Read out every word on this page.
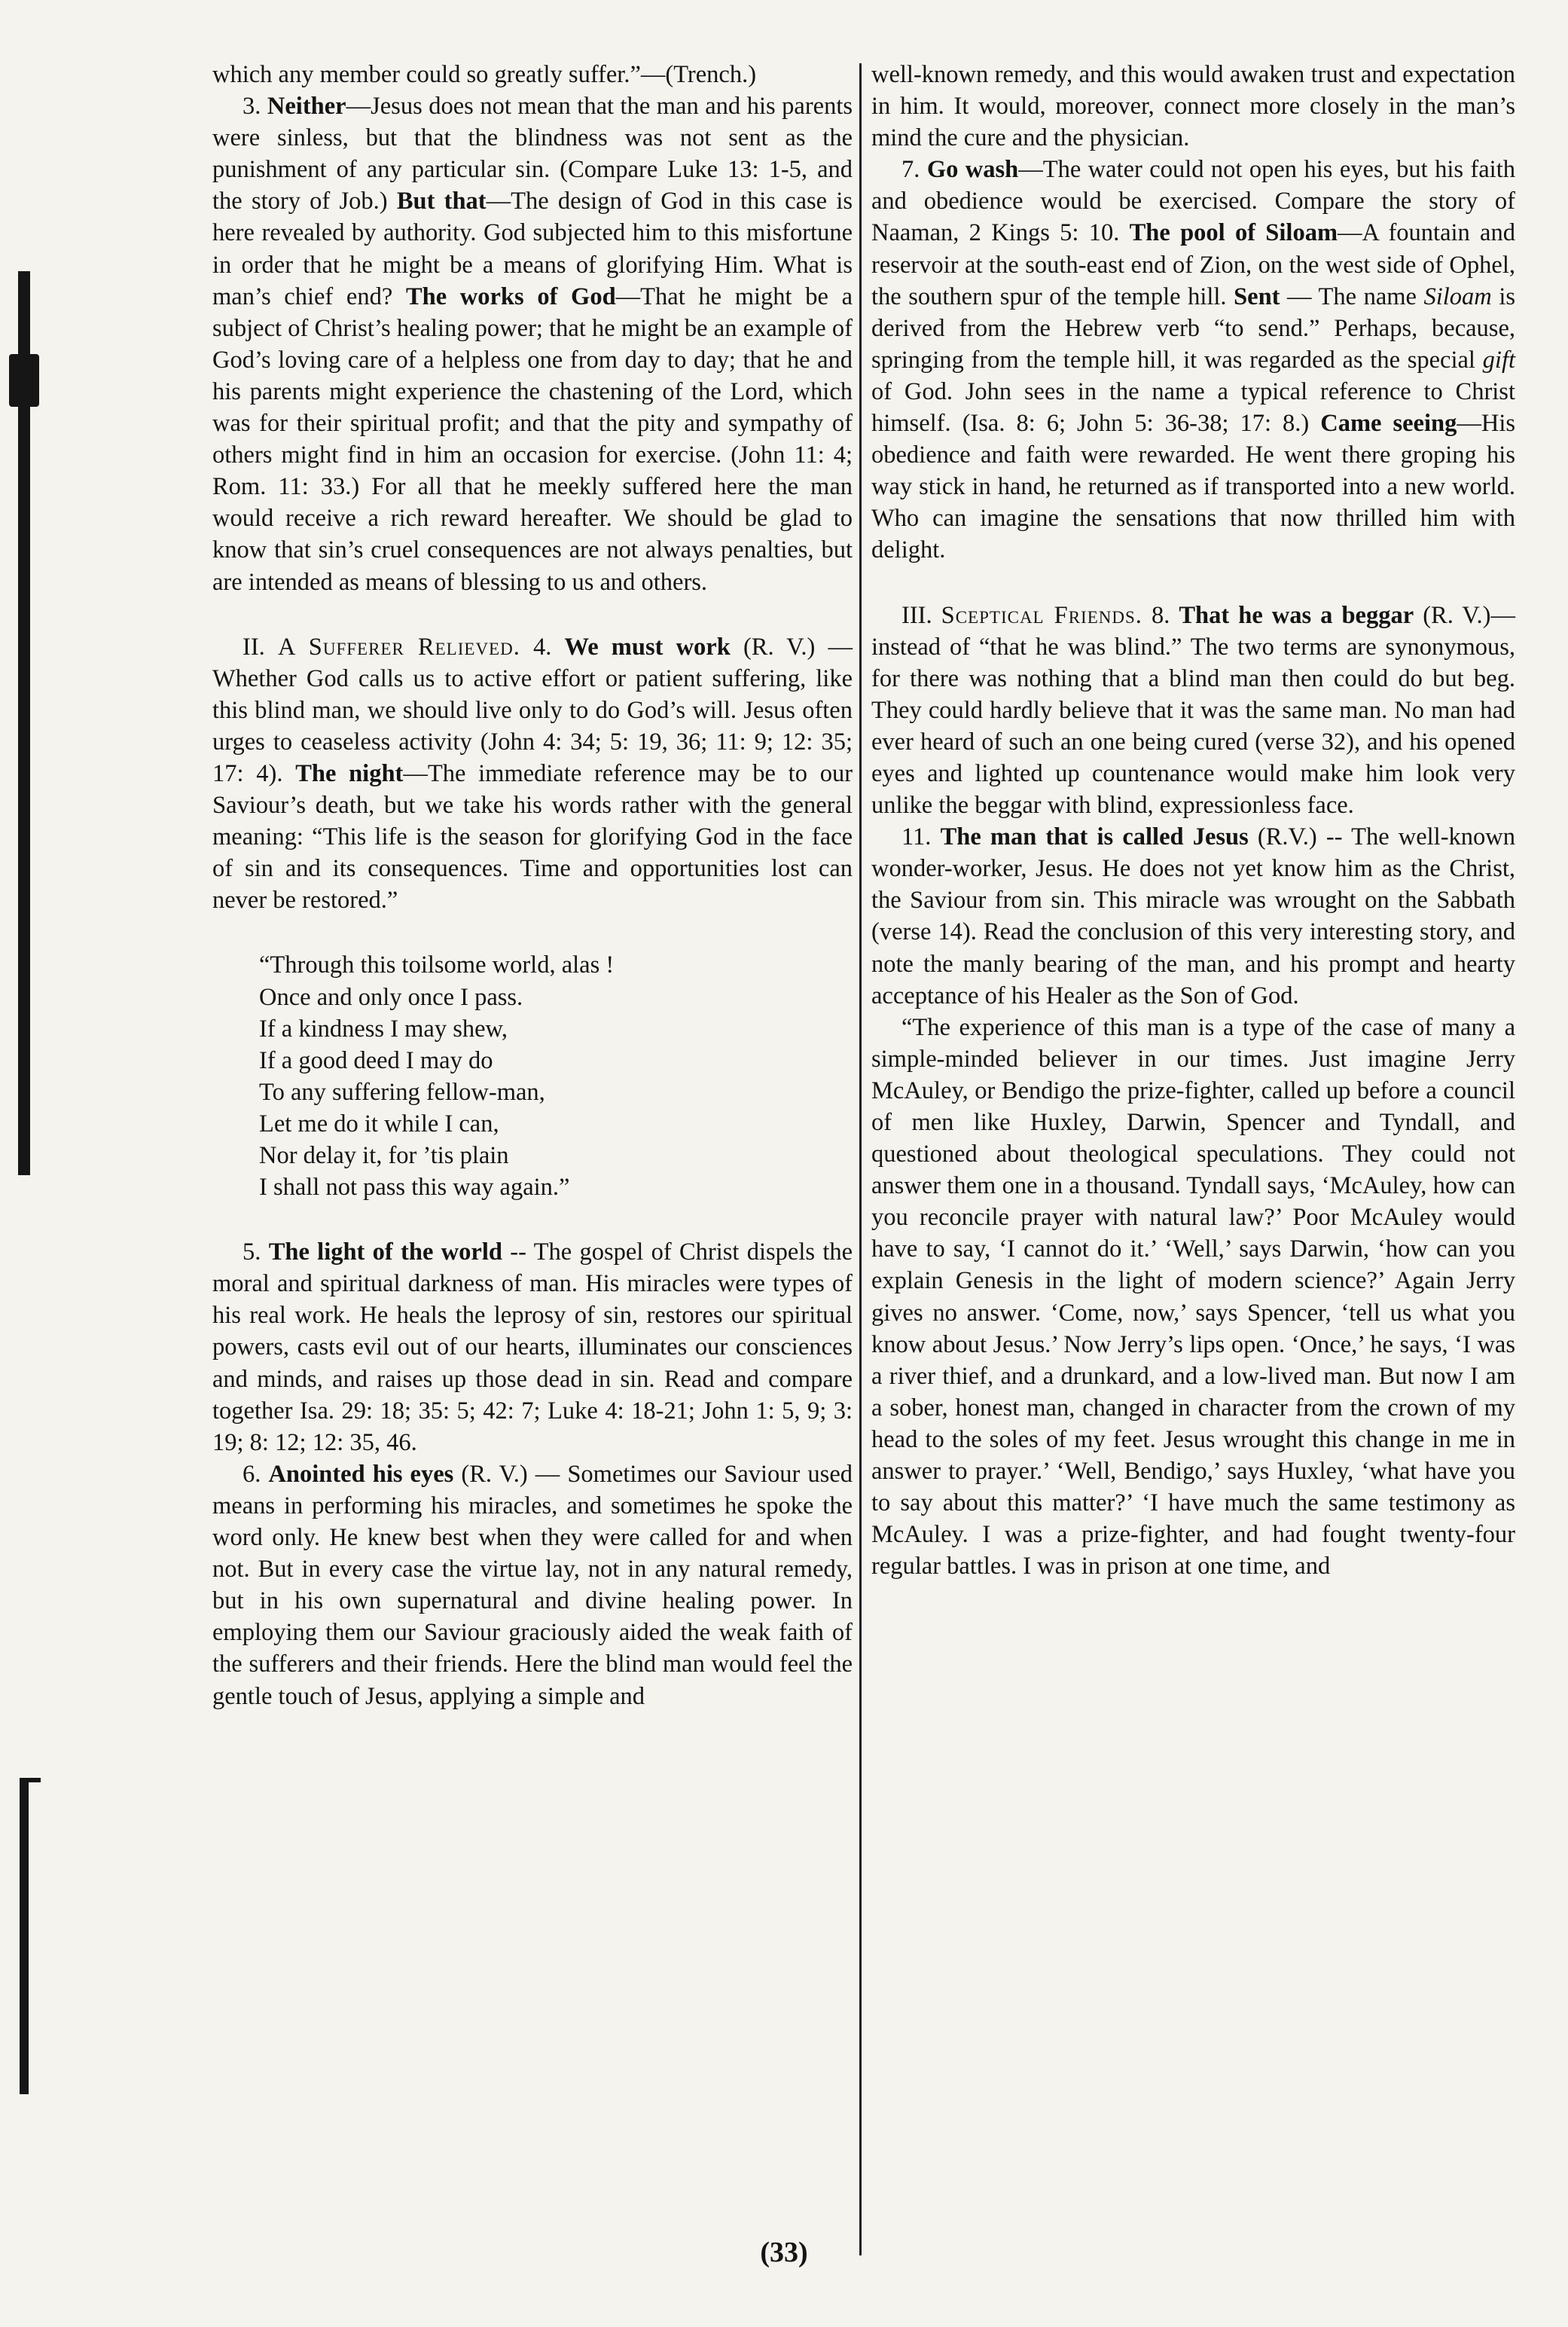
which any member could so greatly suffer.”—(Trench.)

3. Neither—Jesus does not mean that the man and his parents were sinless, but that the blindness was not sent as the punishment of any particular sin. (Compare Luke 13: 1-5, and the story of Job.) But that—The design of God in this case is here revealed by authority. God subjected him to this misfortune in order that he might be a means of glorifying Him. What is man’s chief end? The works of God—That he might be a subject of Christ’s healing power; that he might be an example of God’s loving care of a helpless one from day to day; that he and his parents might experience the chastening of the Lord, which was for their spiritual profit; and that the pity and sympathy of others might find in him an occasion for exercise. (John 11: 4; Rom. 11: 33.) For all that he meekly suffered here the man would receive a rich reward hereafter. We should be glad to know that sin’s cruel consequences are not always penalties, but are intended as means of blessing to us and others.

II. A Sufferer Relieved. 4. We must work (R. V.) — Whether God calls us to active effort or patient suffering, like this blind man, we should live only to do God’s will. Jesus often urges to ceaseless activity (John 4: 34; 5: 19, 36; 11: 9; 12: 35; 17: 4). The night—The immediate reference may be to our Saviour’s death, but we take his words rather with the general meaning: “This life is the season for glorifying God in the face of sin and its consequences. Time and opportunities lost can never be restored.”

“Through this toilsome world, alas !
Once and only once I pass.
If a kindness I may shew,
If a good deed I may do
To any suffering fellow-man,
Let me do it while I can,
Nor delay it, for ’tis plain
I shall not pass this way again.”

5. The light of the world -- The gospel of Christ dispels the moral and spiritual darkness of man. His miracles were types of his real work. He heals the leprosy of sin, restores our spiritual powers, casts evil out of our hearts, illuminates our consciences and minds, and raises up those dead in sin. Read and compare together Isa. 29: 18; 35: 5; 42: 7; Luke 4: 18-21; John 1: 5, 9; 3: 19; 8: 12; 12: 35, 46.

6. Anointed his eyes (R. V.) — Sometimes our Saviour used means in performing his miracles, and sometimes he spoke the word only. He knew best when they were called for and when not. But in every case the virtue lay, not in any natural remedy, but in his own supernatural and divine healing power. In employing them our Saviour graciously aided the weak faith of the sufferers and their friends. Here the blind man would feel the gentle touch of Jesus, applying a simple and

well-known remedy, and this would awaken trust and expectation in him. It would, moreover, connect more closely in the man’s mind the cure and the physician.

7. Go wash—The water could not open his eyes, but his faith and obedience would be exercised. Compare the story of Naaman, 2 Kings 5: 10. The pool of Siloam—A fountain and reservoir at the south-east end of Zion, on the west side of Ophel, the southern spur of the temple hill. Sent — The name Siloam is derived from the Hebrew verb “to send.” Perhaps, because, springing from the temple hill, it was regarded as the special gift of God. John sees in the name a typical reference to Christ himself. (Isa. 8: 6; John 5: 36-38; 17: 8.) Came seeing—His obedience and faith were rewarded. He went there groping his way stick in hand, he returned as if transported into a new world. Who can imagine the sensations that now thrilled him with delight.

III. Sceptical Friends. 8. That he was a beggar (R. V.)—instead of “that he was blind.” The two terms are synonymous, for there was nothing that a blind man then could do but beg. They could hardly believe that it was the same man. No man had ever heard of such an one being cured (verse 32), and his opened eyes and lighted up countenance would make him look very unlike the beggar with blind, expressionless face.

11. The man that is called Jesus (R.V.) -- The well-known wonder-worker, Jesus. He does not yet know him as the Christ, the Saviour from sin. This miracle was wrought on the Sabbath (verse 14). Read the conclusion of this very interesting story, and note the manly bearing of the man, and his prompt and hearty acceptance of his Healer as the Son of God.

“The experience of this man is a type of the case of many a simple-minded believer in our times. Just imagine Jerry McAuley, or Bendigo the prize-fighter, called up before a council of men like Huxley, Darwin, Spencer and Tyndall, and questioned about theological speculations. They could not answer them one in a thousand. Tyndall says, ‘McAuley, how can you reconcile prayer with natural law?’ Poor McAuley would have to say, ‘I cannot do it.’ ‘Well,’ says Darwin, ‘how can you explain Genesis in the light of modern science?’ Again Jerry gives no answer. ‘Come, now,’ says Spencer, ‘tell us what you know about Jesus.’ Now Jerry’s lips open. ‘Once,’ he says, ‘I was a river thief, and a drunkard, and a low-lived man. But now I am a sober, honest man, changed in character from the crown of my head to the soles of my feet. Jesus wrought this change in me in answer to prayer.’ ‘Well, Bendigo,’ says Huxley, ‘what have you to say about this matter?’ ‘I have much the same testimony as McAuley. I was a prize-fighter, and had fought twenty-four regular battles. I was in prison at one time, and

(33)
